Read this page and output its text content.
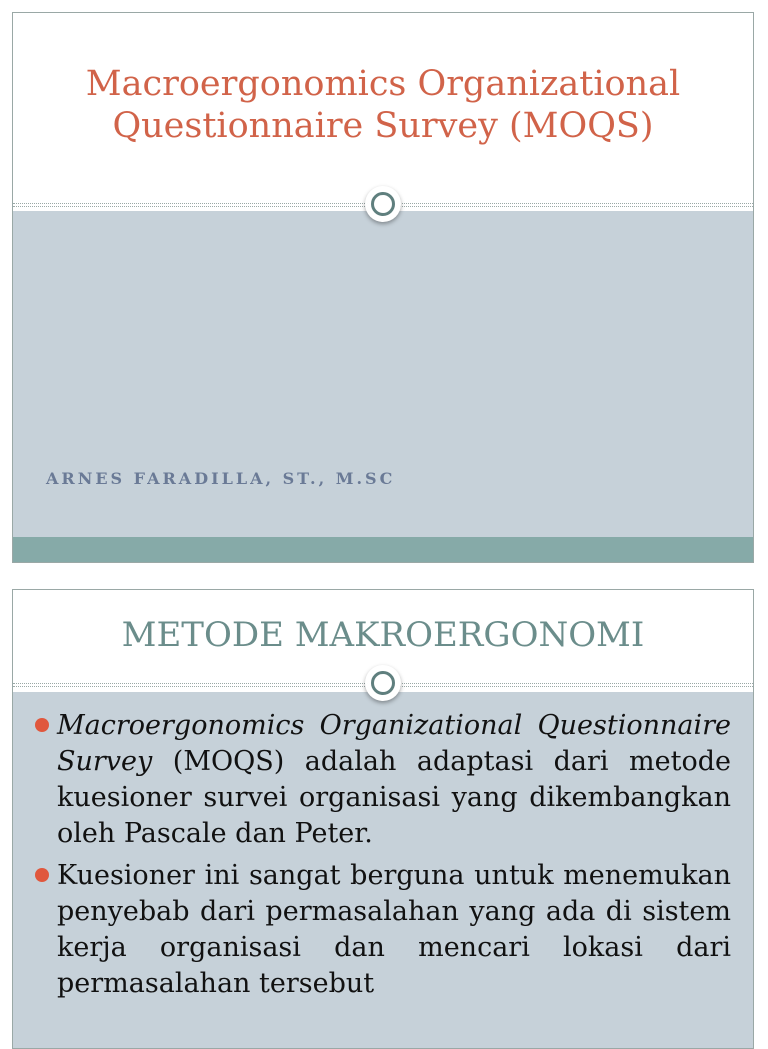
Macroergonomics Organizational
Questionnaire Survey (MOQS)
ARNES FARADILLA, ST., M.SC
METODE MAKROERGONOMI
Macroergonomics Organizational Questionnaire Survey (MOQS) adalah adaptasi dari metode kuesioner survei organisasi yang dikembangkan oleh Pascale dan Peter.
Kuesioner ini sangat berguna untuk menemukan penyebab dari permasalahan yang ada di sistem kerja organisasi dan mencari lokasi dari permasalahan tersebut
